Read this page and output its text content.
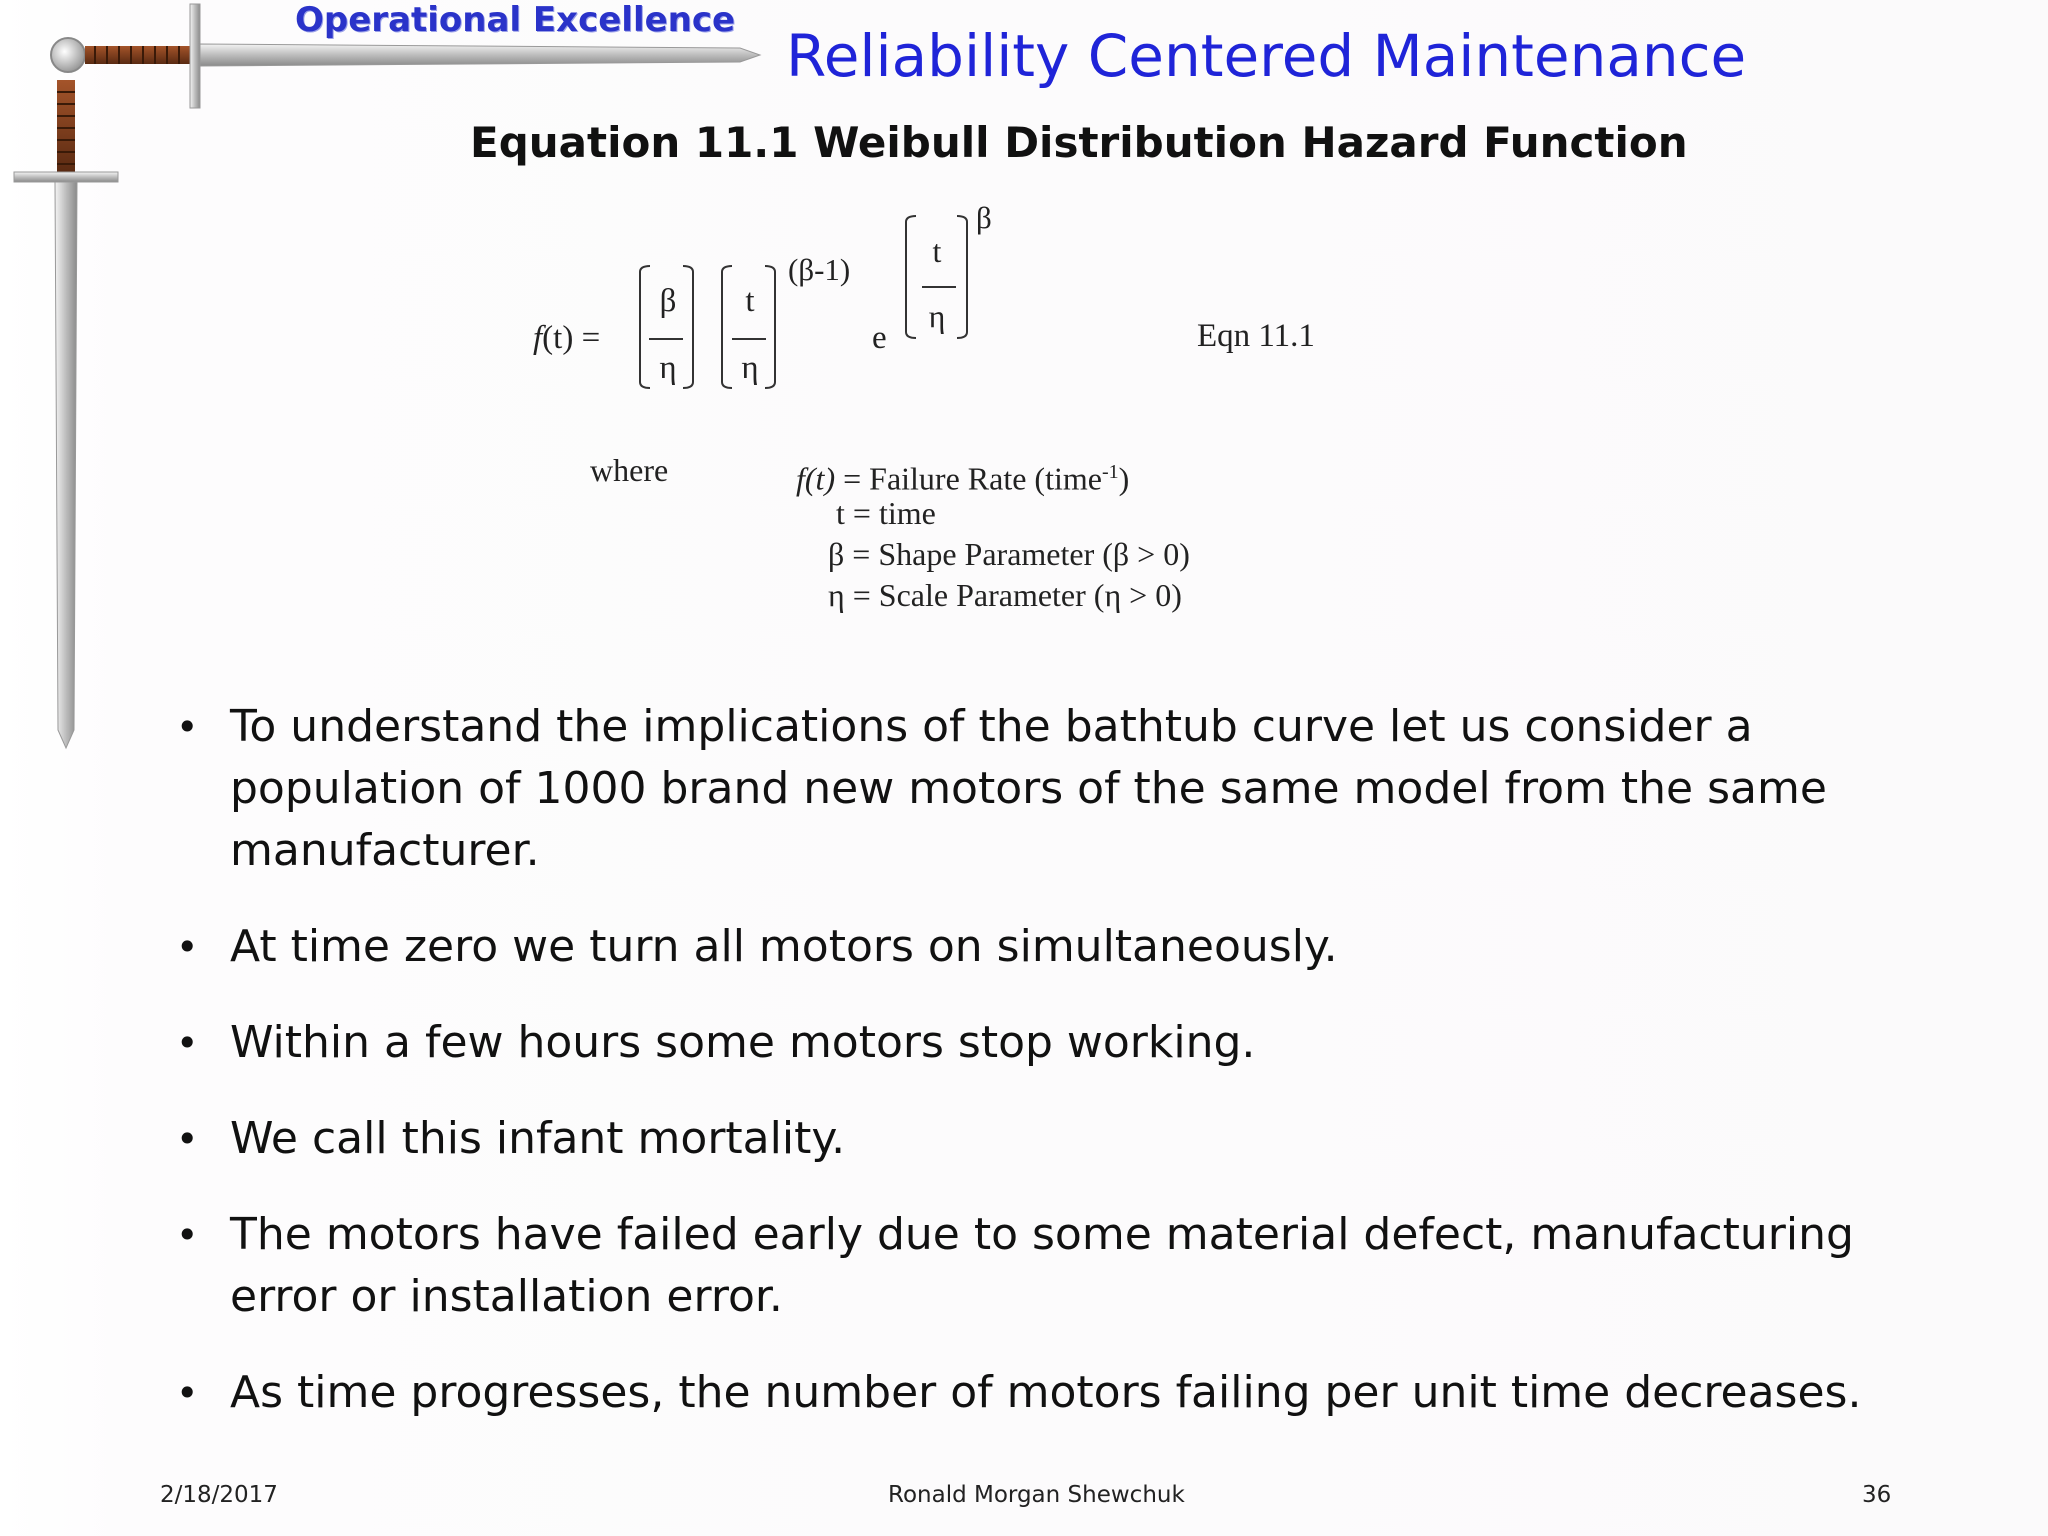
Operational Excellence
Reliability Centered Maintenance
Equation 11.1 Weibull Distribution Hazard Function
f(t) =
β
η
t
η
(β-1)
e
t
η
β
Eqn 11.1
where	f(t) = Failure Rate (time$^{-1}$)
t = time
β = Shape Parameter (β > 0)
η = Scale Parameter (η > 0)
• To understand the implications of the bathtub curve let us consider a population of 1000 brand new motors of the same model from the same manufacturer.
• At time zero we turn all motors on simultaneously.
• Within a few hours some motors stop working.
• We call this infant mortality.
• The motors have failed early due to some material defect, manufacturing error or installation error.
• As time progresses, the number of motors failing per unit time decreases.
2/18/2017	Ronald Morgan Shewchuk	36
